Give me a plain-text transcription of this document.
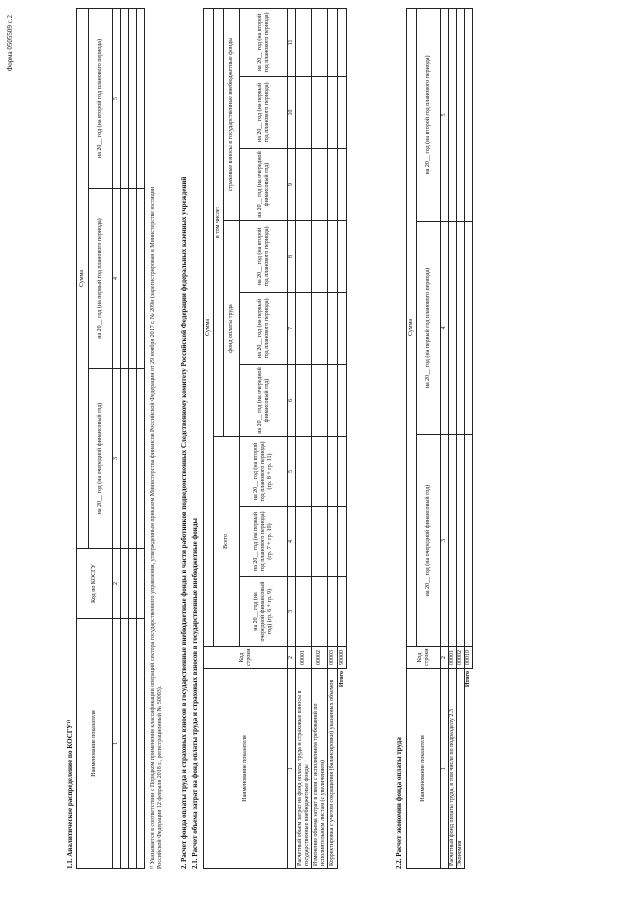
Форма 0505509 с.2
1.1. Аналитическое распределение по КОСГУ¹⁾	Наименование показателя	Код по КОСГУ	Сумма		
		на 20__ год (на очередной финансовый год)	на 20__ год (на первый год планового периода)	на 20__ год (на второй год планового периода)
1	2	3	4	5

¹⁾ Указывается в соответствии с Порядком применения классификации операций сектора государственного управления, утвержденным приказом Министерства финансов Российской Федерации от 29 ноября 2017 г. № 209н (зарегистрирован в Министерстве юстиции Российской Федерации 12 февраля 2018 г., регистрационный № 50003). 2. Расчет фонда оплаты труда и страховых взносов в государственные внебюджетные фонды в части работников подведомственных Следственному комитету Российской Федерации федеральных казенных учреждений 2.1. Расчет объема затрат на фонд оплаты труда и страховых взносов в государственные внебюджетные фонды	Наименование показателя	Код строки	Сумма								
		Всего			в том числе:					
					фонд оплаты труда			страховые взносы в государственные внебюджетные фонды		
		на 20__ год (на очередной финансовый год) (гр. 6 + гр. 9)	на 20__ год (на первый год планового периода) (гр. 7 + гр. 10)	на 20__ год (на второй год планового периода) (гр. 8 + гр. 11)	на 20__ год (на очередной финансовый год)	на 20__ год (на первый год планового периода)	на 20__ год (на второй год планового периода)	на 20__ год (на очередной финансовый год)	на 20__ год (на первый год планового периода)	на 20__ год (на второй год планового периода)
1	2	3	4	5	6	7	8	9	10	11
Расчетный объем затрат на фонд оплаты труда и страховые взносы в государственные внебюджетные фонды	00001									
Изменение объема затрат в связи с исполнением требований по исполнительным листам (с увеличением)	00002									
Корректировка с учетом сокращения (балансировки) указанных объемов	00003									
Итого	90000									
2.2. Расчет экономии фонда оплаты труда	Наименование показателя	Код строки	Сумма		
		на 20__ год (на очередной финансовый год)	на 20__ год (на первый год планового периода)	на 20__ год (на второй год планового периода)
1	2	3	4	5
Расчетный фонд оплаты труда, в том числе по подразделу 2.3	00001			
Экономия	00002			
Итого	00010			
